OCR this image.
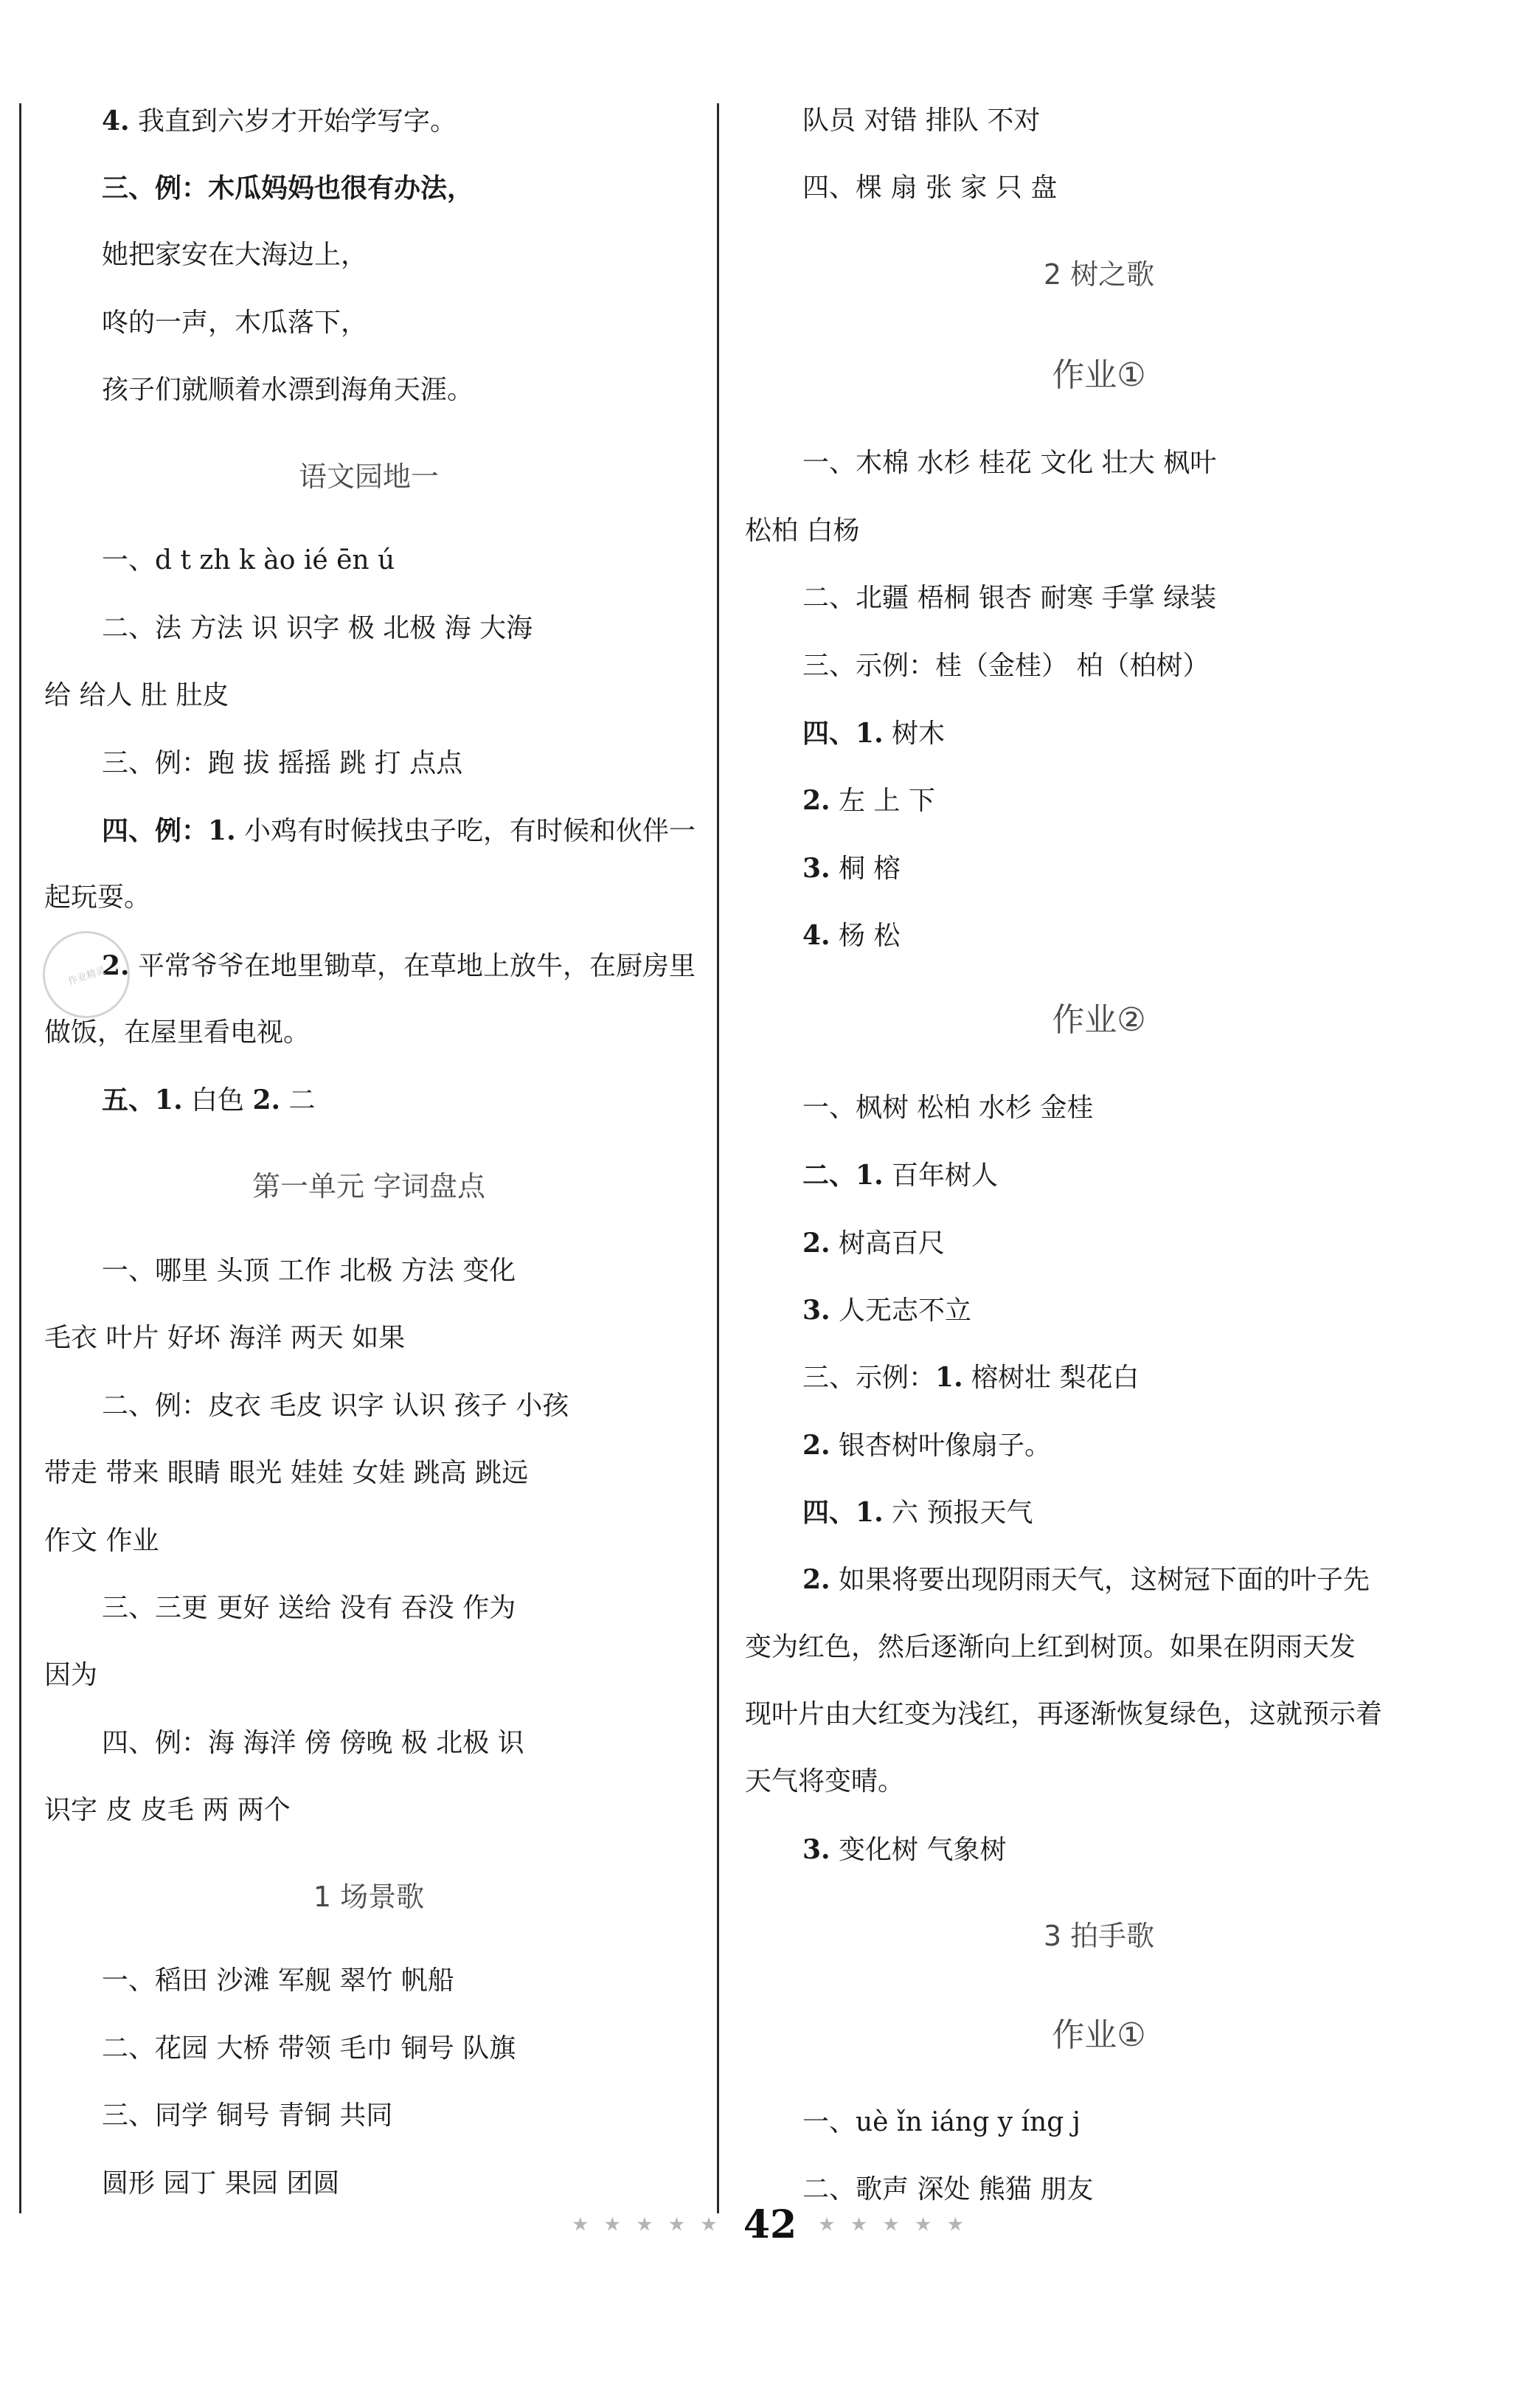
4. 我直到六岁才开始学写字。
三、例：木瓜妈妈也很有办法，
她把家安在大海边上，
咚的一声，木瓜落下，
孩子们就顺着水漂到海角天涯。
语文园地一
一、d t zh k ào ié ēn ú
二、法 方法 识 识字 极 北极 海 大海
给 给人 肚 肚皮
三、例：跑 拔 摇摇 跳 打 点点
四、例：1. 小鸡有时候找虫子吃，有时候和伙伴一
起玩耍。
2. 平常爷爷在地里锄草，在草地上放牛，在厨房里
做饭，在屋里看电视。
五、1. 白色 2. 二
第一单元 字词盘点
一、哪里 头顶 工作 北极 方法 变化
毛衣 叶片 好坏 海洋 两天 如果
二、例：皮衣 毛皮 识字 认识 孩子 小孩
带走 带来 眼睛 眼光 娃娃 女娃 跳高 跳远
作文 作业
三、三更 更好 送给 没有 吞没 作为
因为
四、例：海 海洋 傍 傍晚 极 北极 识
识字 皮 皮毛 两 两个
1 场景歌
一、稻田 沙滩 军舰 翠竹 帆船
二、花园 大桥 带领 毛巾 铜号 队旗
三、同学 铜号 青铜 共同
圆形 园丁 果园 团圆
队员 对错 排队 不对
四、棵 扇 张 家 只 盘
2 树之歌
作业①
一、木棉 水杉 桂花 文化 壮大 枫叶
松柏 白杨
二、北疆 梧桐 银杏 耐寒 手掌 绿装
三、示例：桂（金桂） 柏（柏树）
四、1. 树木
2. 左 上 下
3. 桐 榕
4. 杨 松
作业②
一、枫树 松柏 水杉 金桂
二、1. 百年树人
2. 树高百尺
3. 人无志不立
三、示例：1. 榕树壮 梨花白
2. 银杏树叶像扇子。
四、1. 六 预报天气
2. 如果将要出现阴雨天气，这树冠下面的叶子先
变为红色，然后逐渐向上红到树顶。如果在阴雨天发
现叶片由大红变为浅红，再逐渐恢复绿色，这就预示着
天气将变晴。
3. 变化树 气象树
3 拍手歌
作业①
一、uè ǐn iáng y íng j
二、歌声 深处 熊猫 朋友
作业精灵
★ ★ ★ ★ ★ 42 ★ ★ ★ ★ ★
